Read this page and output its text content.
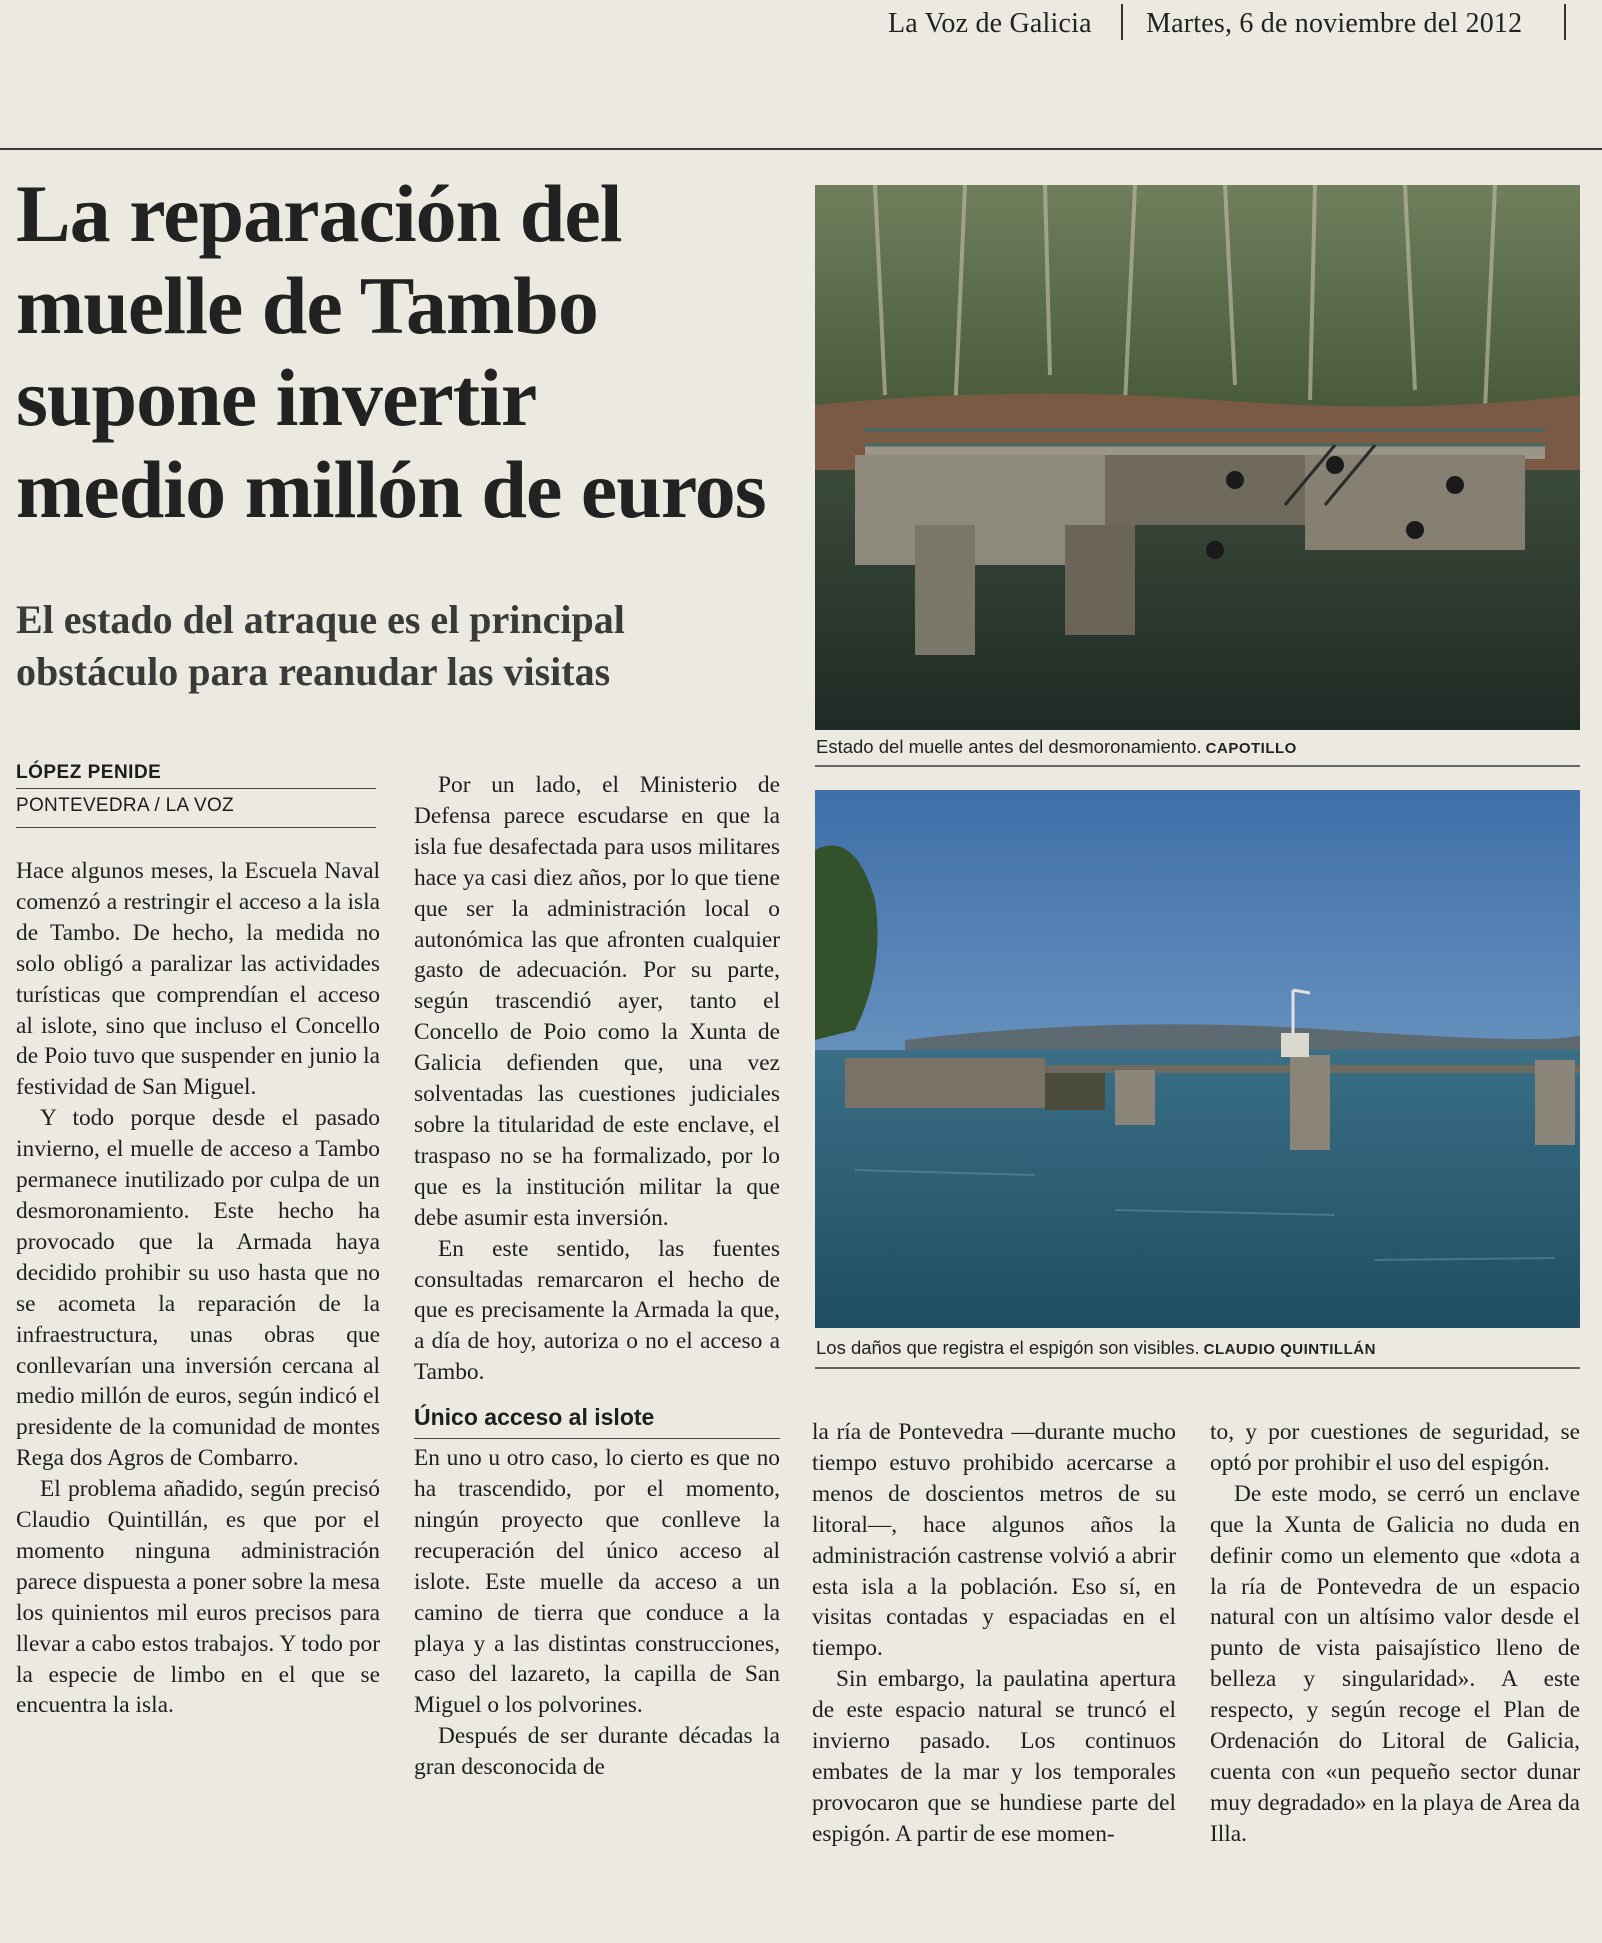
La Voz de Galicia Martes, 6 de noviembre del 2012
La reparación del
muelle de Tambo
supone invertir
medio millón de euros
El estado del atraque es el principal
obstáculo para reanudar las visitas
LÓPEZ PENIDE
PONTEVEDRA / LA VOZ

Hace algunos meses, la Escuela Naval comenzó a restringir el acceso a la isla de Tambo. De hecho, la medida no solo obligó a paralizar las actividades turísticas que comprendían el acceso al islote, sino que incluso el Concello de Poio tuvo que suspender en junio la festividad de San Miguel.

Y todo porque desde el pasado invierno, el muelle de acceso a Tambo permanece inutilizado por culpa de un desmoronamiento. Este hecho ha provocado que la Armada haya decidido prohibir su uso hasta que no se acometa la reparación de la infraestructura, unas obras que conllevarían una inversión cercana al medio millón de euros, según indicó el presidente de la comunidad de montes Rega dos Agros de Combarro.

El problema añadido, según precisó Claudio Quintillán, es que por el momento ninguna administración parece dispuesta a poner sobre la mesa los quinientos mil euros precisos para llevar a cabo estos trabajos. Y todo por la especie de limbo en el que se encuentra la isla.

Por un lado, el Ministerio de Defensa parece escudarse en que la isla fue desafectada para usos militares hace ya casi diez años, por lo que tiene que ser la administración local o autonómica las que afronten cualquier gasto de adecuación. Por su parte, según trascendió ayer, tanto el Concello de Poio como la Xunta de Galicia defienden que, una vez solventadas las cuestiones judiciales sobre la titularidad de este enclave, el traspaso no se ha formalizado, por lo que es la institución militar la que debe asumir esta inversión.

En este sentido, las fuentes consultadas remarcaron el hecho de que es precisamente la Armada la que, a día de hoy, autoriza o no el acceso a Tambo.

Único acceso al islote

En uno u otro caso, lo cierto es que no ha trascendido, por el momento, ningún proyecto que conlleve la recuperación del único acceso al islote. Este muelle da acceso a un camino de tierra que conduce a la playa y a las distintas construcciones, caso del lazareto, la capilla de San Miguel o los polvorines.

Después de ser durante décadas la gran desconocida de

la ría de Pontevedra —durante mucho tiempo estuvo prohibido acercarse a menos de doscientos metros de su litoral—, hace algunos años la administración castrense volvió a abrir esta isla a la población. Eso sí, en visitas contadas y espaciadas en el tiempo.

Sin embargo, la paulatina apertura de este espacio natural se truncó el invierno pasado. Los continuos embates de la mar y los temporales provocaron que se hundiese parte del espigón. A partir de ese momen-

to, y por cuestiones de seguridad, se optó por prohibir el uso del espigón.

De este modo, se cerró un enclave que la Xunta de Galicia no duda en definir como un elemento que «dota a la ría de Pontevedra de un espacio natural con un altísimo valor desde el punto de vista paisajístico lleno de belleza y singularidad». A este respecto, y según recoge el Plan de Ordenación do Litoral de Galicia, cuenta con «un pequeño sector dunar muy degradado» en la playa de Area da Illa.

Estado del muelle antes del desmoronamiento. CAPOTILLO
Los daños que registra el espigón son visibles. CLAUDIO QUINTILLÁN
